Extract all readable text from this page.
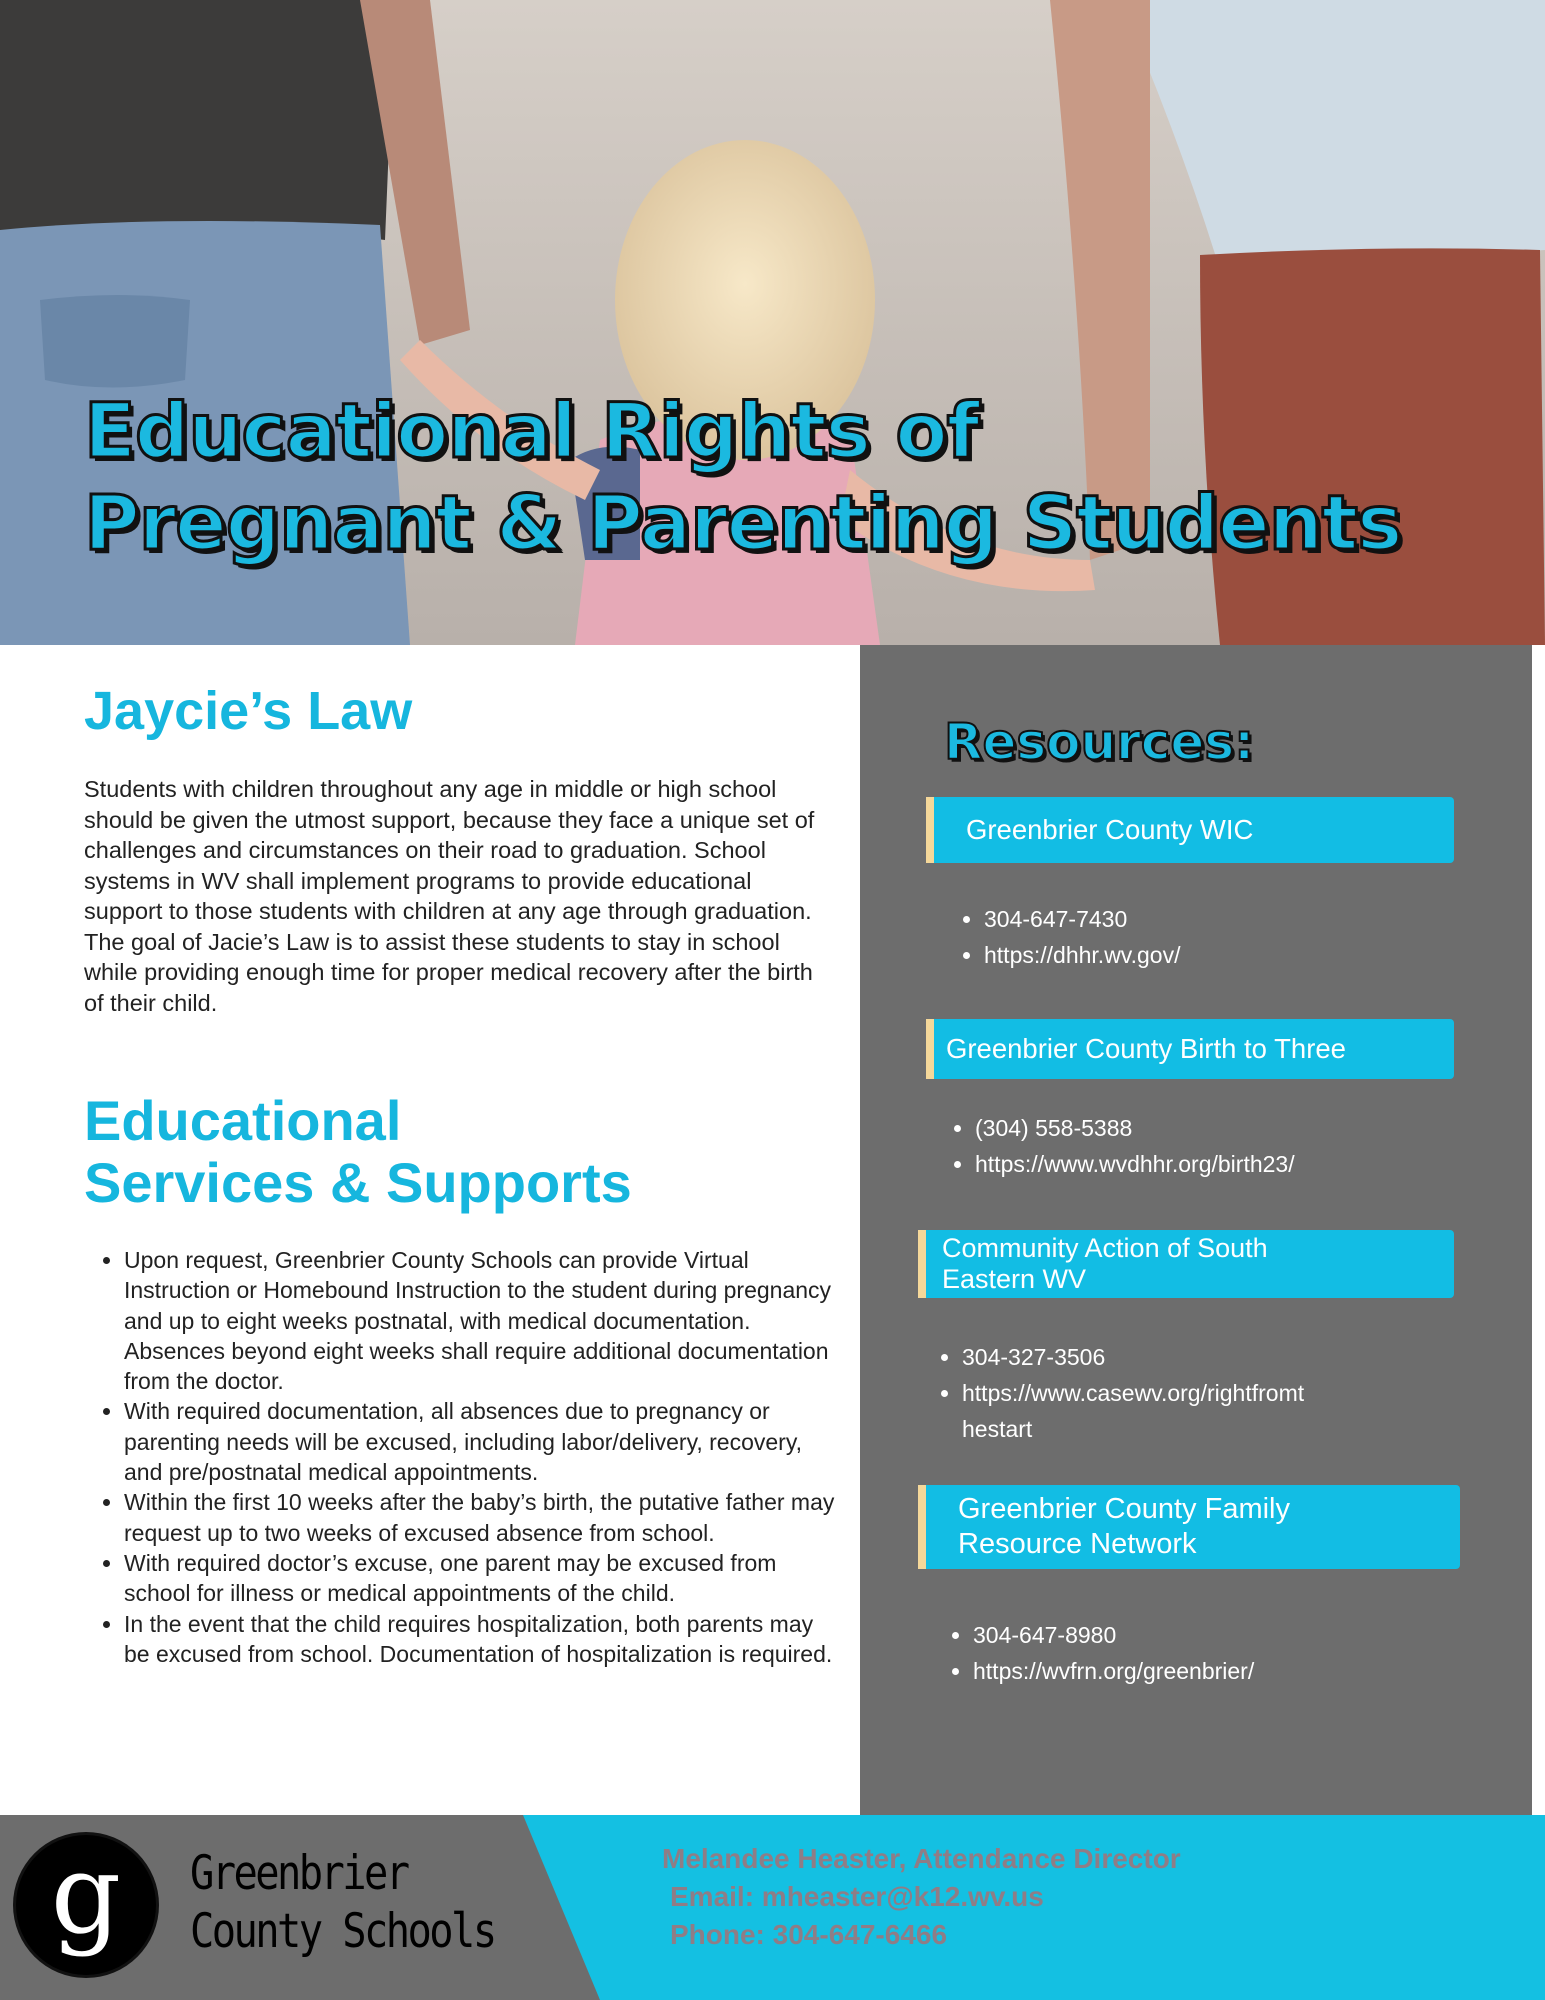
Educational Rights of
Pregnant & Parenting Students
Jaycie’s Law

Students with children throughout any age in middle or high school should be given the utmost support, because they face a unique set of challenges and circumstances on their road to graduation. School systems in WV shall implement programs to provide educational support to those students with children at any age through graduation. The goal of Jacie’s Law is to assist these students to stay in school while providing enough time for proper medical recovery after the birth of their child.

Educational
Services & Supports
• Upon request, Greenbrier County Schools can provide Virtual Instruction or Homebound Instruction to the student during pregnancy and up to eight weeks postnatal, with medical documentation. Absences beyond eight weeks shall require additional documentation from the doctor.
• With required documentation, all absences due to pregnancy or parenting needs will be excused, including labor/delivery, recovery, and pre/postnatal medical appointments.
• Within the first 10 weeks after the baby’s birth, the putative father may request up to two weeks of excused absence from school.
• With required doctor’s excuse, one parent may be excused from school for illness or medical appointments of the child.
• In the event that the child requires hospitalization, both parents may be excused from school. Documentation of hospitalization is required.
Resources:
Greenbrier County WIC
• 304-647-7430
• https://dhhr.wv.gov/
Greenbrier County Birth to Three
• (304) 558-5388
• https://www.wvdhhr.org/birth23/
Community Action of South
Eastern WV
• 304-327-3506
• https://www.casewv.org/rightfromt
hestart
Greenbrier County Family
Resource Network
• 304-647-8980
• https://wvfrn.org/greenbrier/
g	Greenbrier
County Schools
Melandee Heaster, Attendance Director
Email: mheaster@k12.wv.us
Phone: 304-647-6466
